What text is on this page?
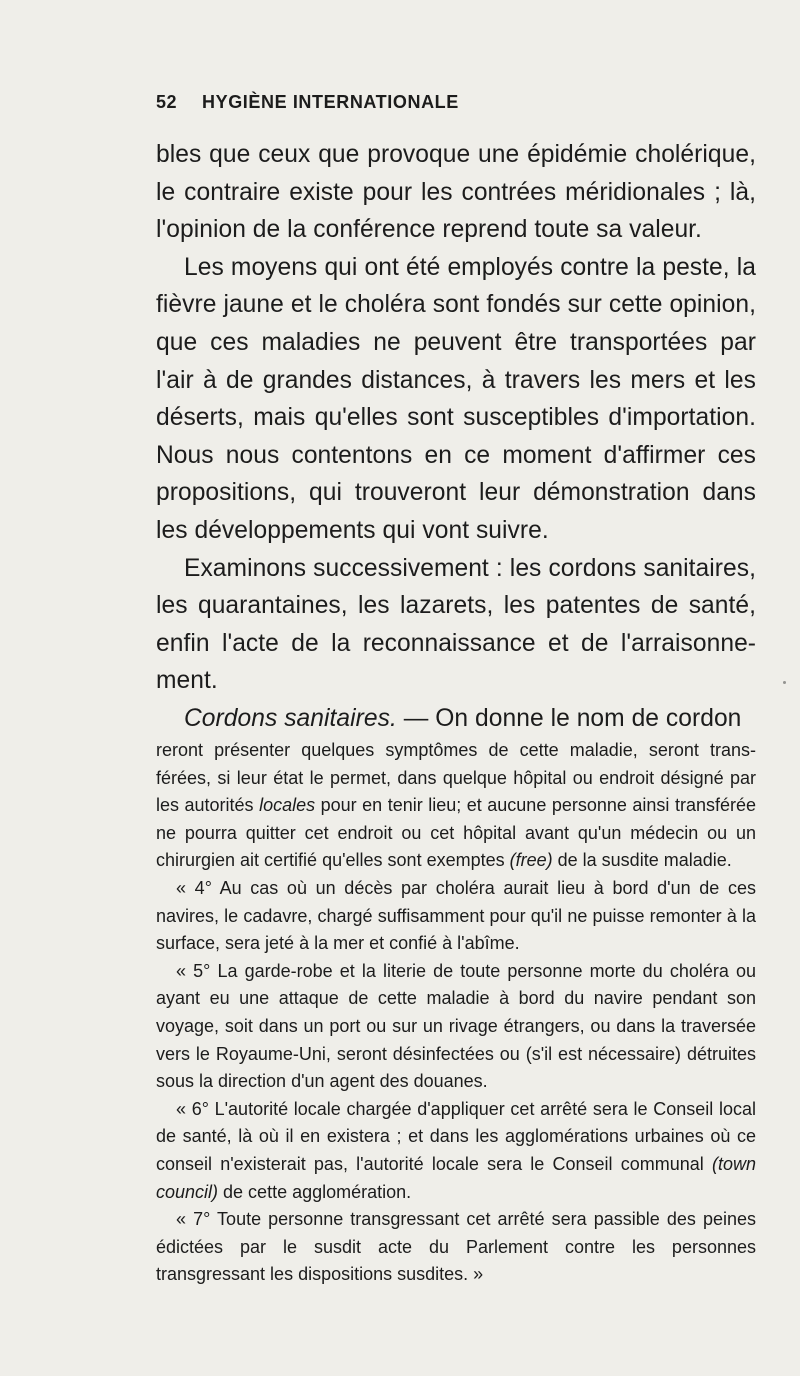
52 HYGIÈNE INTERNATIONALE

bles que ceux que provoque une épidémie cholérique, le contraire existe pour les contrées méridionales ; là, l'opinion de la conférence reprend toute sa valeur.

Les moyens qui ont été employés contre la peste, la fièvre jaune et le choléra sont fondés sur cette opinion, que ces maladies ne peuvent être transportées par l'air à de grandes distances, à travers les mers et les déserts, mais qu'elles sont susceptibles d'importation. Nous nous contentons en ce moment d'affirmer ces propositions, qui trouveront leur démonstration dans les développements qui vont suivre.

Examinons successivement : les cordons sanitaires, les quarantaines, les lazarets, les patentes de santé, enfin l'acte de la reconnaissance et de l'arraisonnement.

Cordons sanitaires. — On donne le nom de cordon

reront présenter quelques symptômes de cette maladie, seront transférées, si leur état le permet, dans quelque hôpital ou endroit désigné par les autorités locales pour en tenir lieu; et aucune personne ainsi transférée ne pourra quitter cet endroit ou cet hôpital avant qu'un médecin ou un chirurgien ait certifié qu'elles sont exemptes (free) de la susdite maladie.

« 4° Au cas où un décès par choléra aurait lieu à bord d'un de ces navires, le cadavre, chargé suffisamment pour qu'il ne puisse remonter à la surface, sera jeté à la mer et confié à l'abîme.

« 5° La garde-robe et la literie de toute personne morte du choléra ou ayant eu une attaque de cette maladie à bord du navire pendant son voyage, soit dans un port ou sur un rivage étrangers, ou dans la traversée vers le Royaume-Uni, seront désinfectées ou (s'il est nécessaire) détruites sous la direction d'un agent des douanes.

« 6° L'autorité locale chargée d'appliquer cet arrêté sera le Conseil local de santé, là où il en existera ; et dans les agglomérations urbaines où ce conseil n'existerait pas, l'autorité locale sera le Conseil communal (town council) de cette agglomération.

« 7° Toute personne transgressant cet arrêté sera passible des peines édictées par le susdit acte du Parlement contre les personnes transgressant les dispositions susdites. »
